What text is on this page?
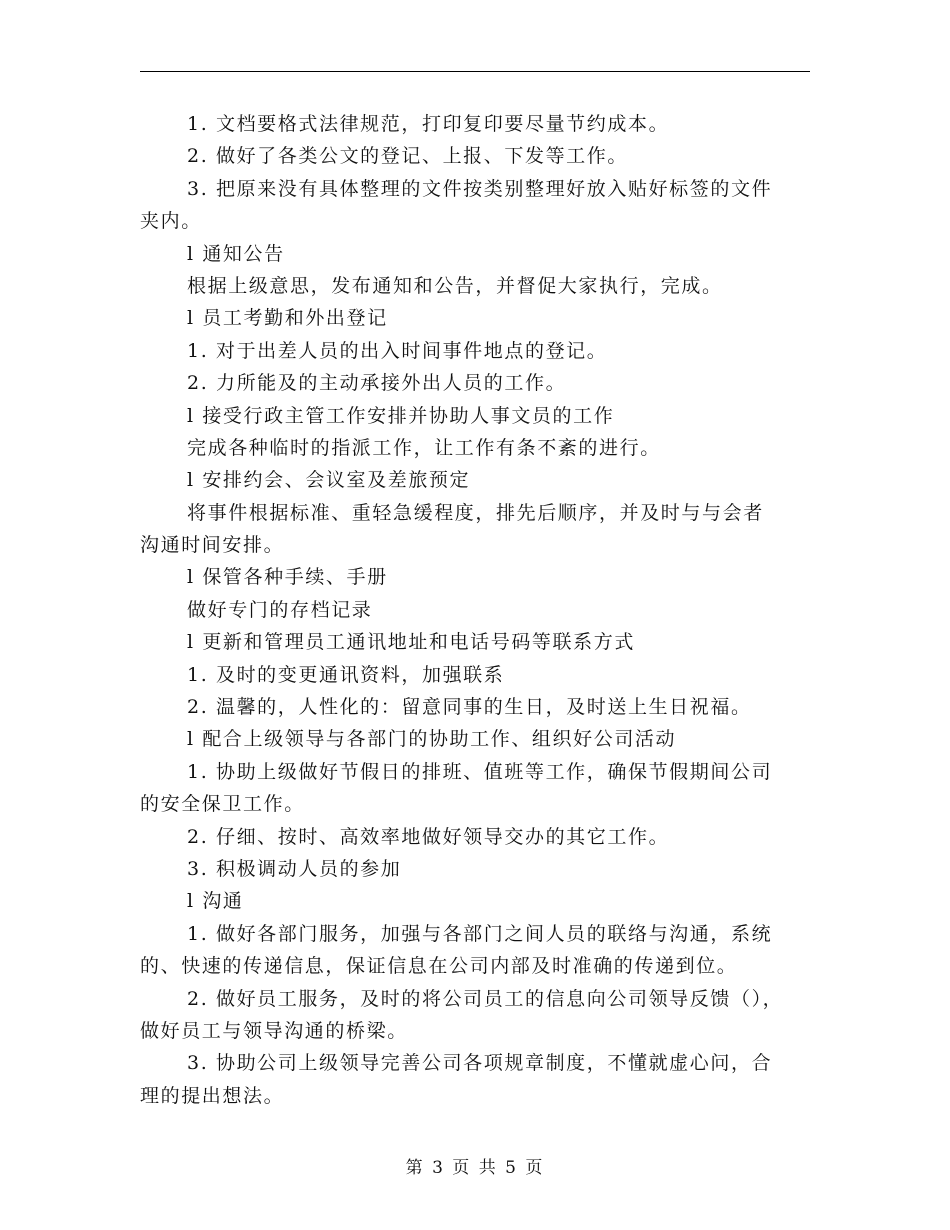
1. 文档要格式法律规范，打印复印要尽量节约成本。
2. 做好了各类公文的登记、上报、下发等工作。
3. 把原来没有具体整理的文件按类别整理好放入贴好标签的文件
夹内。
l 通知公告
根据上级意思，发布通知和公告，并督促大家执行，完成。
l 员工考勤和外出登记
1. 对于出差人员的出入时间事件地点的登记。
2. 力所能及的主动承接外出人员的工作。
l 接受行政主管工作安排并协助人事文员的工作
完成各种临时的指派工作，让工作有条不紊的进行。
l 安排约会、会议室及差旅预定
将事件根据标准、重轻急缓程度，排先后顺序，并及时与与会者
沟通时间安排。
l 保管各种手续、手册
做好专门的存档记录
l 更新和管理员工通讯地址和电话号码等联系方式
1. 及时的变更通讯资料，加强联系
2. 温馨的，人性化的：留意同事的生日，及时送上生日祝福。
l 配合上级领导与各部门的协助工作、组织好公司活动
1. 协助上级做好节假日的排班、值班等工作，确保节假期间公司
的安全保卫工作。
2. 仔细、按时、高效率地做好领导交办的其它工作。
3. 积极调动人员的参加
l 沟通
1. 做好各部门服务，加强与各部门之间人员的联络与沟通，系统
的、快速的传递信息，保证信息在公司内部及时准确的传递到位。
2. 做好员工服务，及时的将公司员工的信息向公司领导反馈（），
做好员工与领导沟通的桥梁。
3. 协助公司上级领导完善公司各项规章制度，不懂就虚心问，合
理的提出想法。
第 3 页 共 5 页
